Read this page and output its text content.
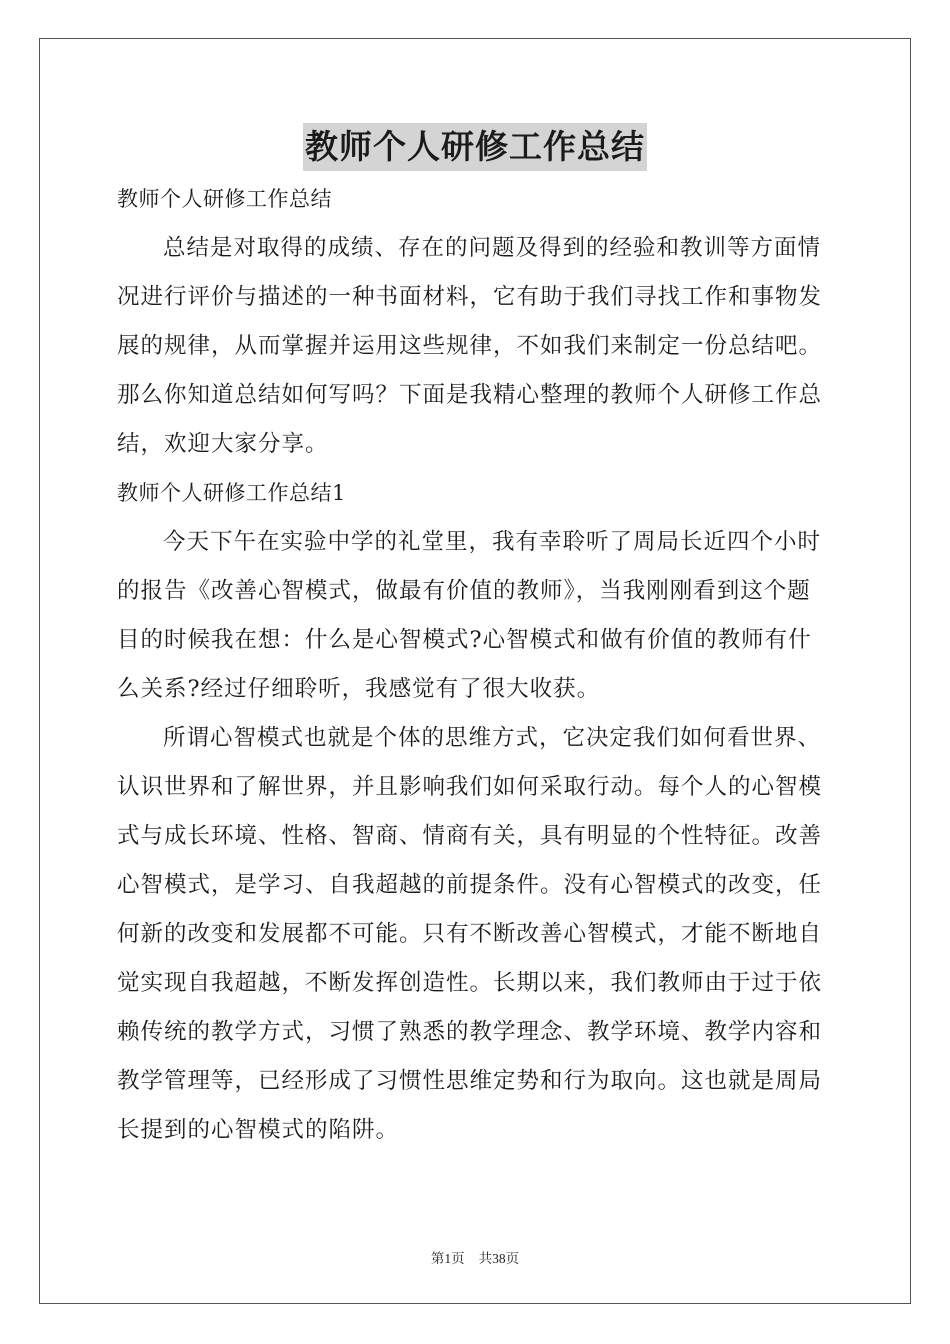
教师个人研修工作总结
教师个人研修工作总结
总结是对取得的成绩、存在的问题及得到的经验和教训等方面情
况进行评价与描述的一种书面材料，它有助于我们寻找工作和事物发
展的规律，从而掌握并运用这些规律，不如我们来制定一份总结吧。
那么你知道总结如何写吗？下面是我精心整理的教师个人研修工作总
结，欢迎大家分享。
教师个人研修工作总结1
今天下午在实验中学的礼堂里，我有幸聆听了周局长近四个小时
的报告《改善心智模式，做最有价值的教师》，当我刚刚看到这个题
目的时候我在想：什么是心智模式?心智模式和做有价值的教师有什
么关系?经过仔细聆听，我感觉有了很大收获。
所谓心智模式也就是个体的思维方式，它决定我们如何看世界、
认识世界和了解世界，并且影响我们如何采取行动。每个人的心智模
式与成长环境、性格、智商、情商有关，具有明显的个性特征。改善
心智模式，是学习、自我超越的前提条件。没有心智模式的改变，任
何新的改变和发展都不可能。只有不断改善心智模式，才能不断地自
觉实现自我超越，不断发挥创造性。长期以来，我们教师由于过于依
赖传统的教学方式，习惯了熟悉的教学理念、教学环境、教学内容和
教学管理等，已经形成了习惯性思维定势和行为取向。这也就是周局
长提到的心智模式的陷阱。
第1页 共38页
